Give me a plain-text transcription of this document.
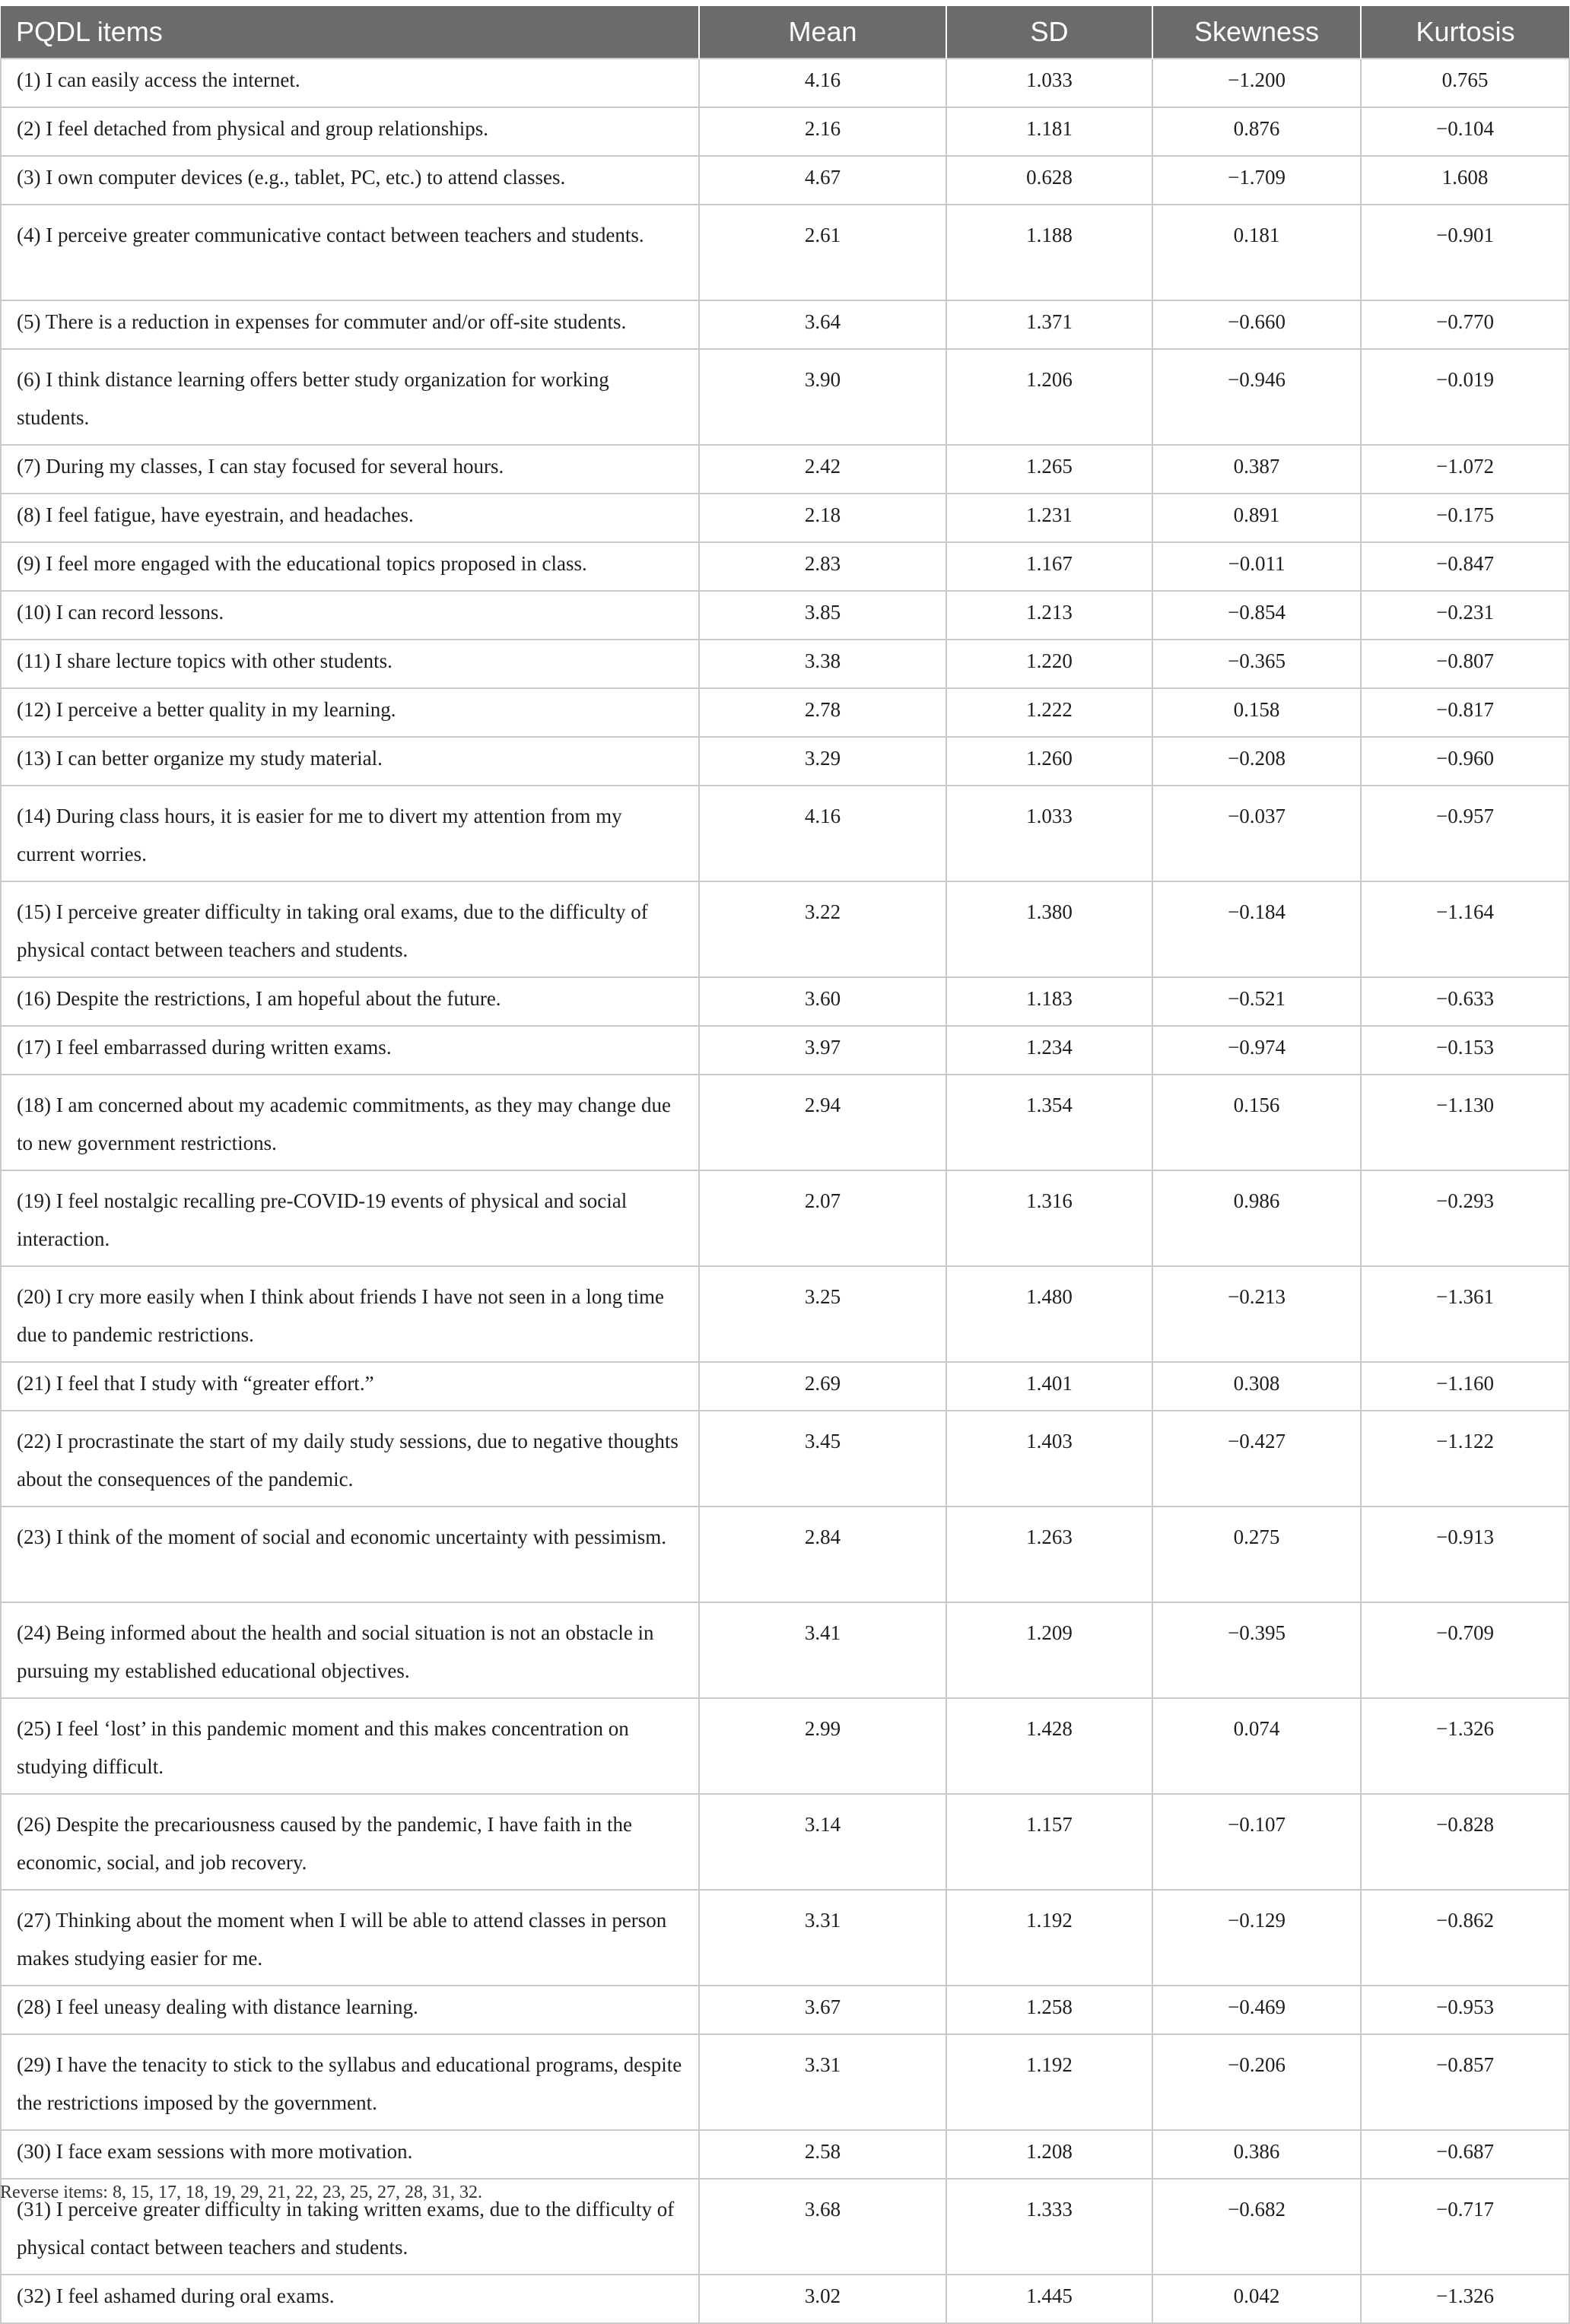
PQDL items	Mean	SD	Skewness	Kurtosis
(1) I can easily access the internet.	4.16	1.033	−1.200	0.765
(2) I feel detached from physical and group relationships.	2.16	1.181	0.876	−0.104
(3) I own computer devices (e.g., tablet, PC, etc.) to attend classes.	4.67	0.628	−1.709	1.608
(4) I perceive greater communicative contact between teachers and students.	2.61	1.188	0.181	−0.901
(5) There is a reduction in expenses for commuter and/or off-site students.	3.64	1.371	−0.660	−0.770
(6) I think distance learning offers better study organization for working students.	3.90	1.206	−0.946	−0.019
(7) During my classes, I can stay focused for several hours.	2.42	1.265	0.387	−1.072
(8) I feel fatigue, have eyestrain, and headaches.	2.18	1.231	0.891	−0.175
(9) I feel more engaged with the educational topics proposed in class.	2.83	1.167	−0.011	−0.847
(10) I can record lessons.	3.85	1.213	−0.854	−0.231
(11) I share lecture topics with other students.	3.38	1.220	−0.365	−0.807
(12) I perceive a better quality in my learning.	2.78	1.222	0.158	−0.817
(13) I can better organize my study material.	3.29	1.260	−0.208	−0.960
(14) During class hours, it is easier for me to divert my attention from my current worries.	4.16	1.033	−0.037	−0.957
(15) I perceive greater difficulty in taking oral exams, due to the difficulty of physical contact between teachers and students.	3.22	1.380	−0.184	−1.164
(16) Despite the restrictions, I am hopeful about the future.	3.60	1.183	−0.521	−0.633
(17) I feel embarrassed during written exams.	3.97	1.234	−0.974	−0.153
(18) I am concerned about my academic commitments, as they may change due to new government restrictions.	2.94	1.354	0.156	−1.130
(19) I feel nostalgic recalling pre-COVID-19 events of physical and social interaction.	2.07	1.316	0.986	−0.293
(20) I cry more easily when I think about friends I have not seen in a long time due to pandemic restrictions.	3.25	1.480	−0.213	−1.361
(21) I feel that I study with “greater effort.”	2.69	1.401	0.308	−1.160
(22) I procrastinate the start of my daily study sessions, due to negative thoughts about the consequences of the pandemic.	3.45	1.403	−0.427	−1.122
(23) I think of the moment of social and economic uncertainty with pessimism.	2.84	1.263	0.275	−0.913
(24) Being informed about the health and social situation is not an obstacle in pursuing my established educational objectives.	3.41	1.209	−0.395	−0.709
(25) I feel ‘lost’ in this pandemic moment and this makes concentration on studying difficult.	2.99	1.428	0.074	−1.326
(26) Despite the precariousness caused by the pandemic, I have faith in the economic, social, and job recovery.	3.14	1.157	−0.107	−0.828
(27) Thinking about the moment when I will be able to attend classes in person makes studying easier for me.	3.31	1.192	−0.129	−0.862
(28) I feel uneasy dealing with distance learning.	3.67	1.258	−0.469	−0.953
(29) I have the tenacity to stick to the syllabus and educational programs, despite the restrictions imposed by the government.	3.31	1.192	−0.206	−0.857
(30) I face exam sessions with more motivation.	2.58	1.208	0.386	−0.687
(31) I perceive greater difficulty in taking written exams, due to the difficulty of physical contact between teachers and students.	3.68	1.333	−0.682	−0.717
(32) I feel ashamed during oral exams.	3.02	1.445	0.042	−1.326
Reverse items: 8, 15, 17, 18, 19, 29, 21, 22, 23, 25, 27, 28, 31, 32.
